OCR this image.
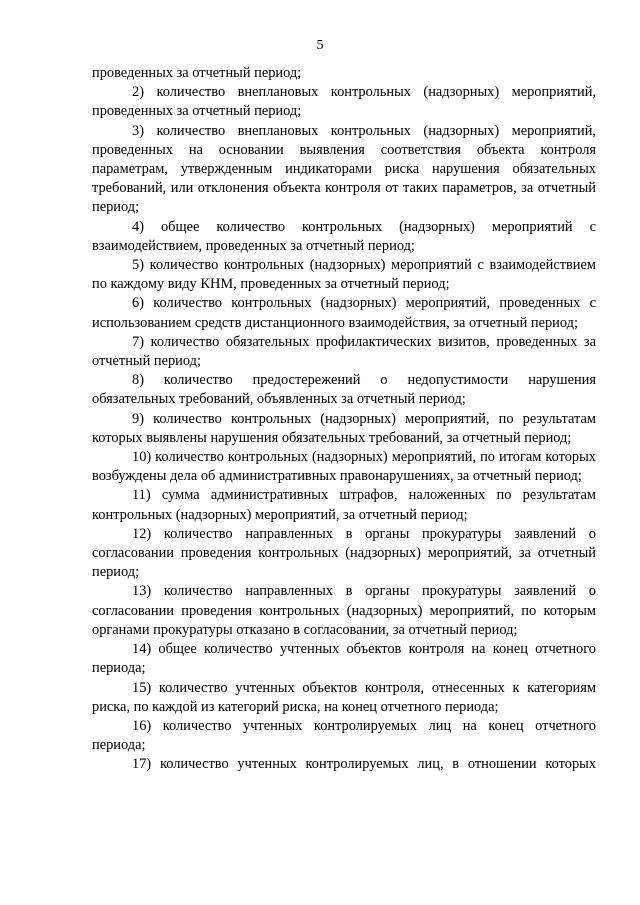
5

проведенных за отчетный период;

2) количество внеплановых контрольных (надзорных) мероприятий, проведенных за отчетный период;

3) количество внеплановых контрольных (надзорных) мероприятий, проведенных на основании выявления соответствия объекта контроля параметрам, утвержденным индикаторами риска нарушения обязательных требований, или отклонения объекта контроля от таких параметров, за отчетный период;

4) общее количество контрольных (надзорных) мероприятий с взаимодействием, проведенных за отчетный период;

5) количество контрольных (надзорных) мероприятий с взаимодействием по каждому виду КНМ, проведенных за отчетный период;

6) количество контрольных (надзорных) мероприятий, проведенных с использованием средств дистанционного взаимодействия, за отчетный период;

7) количество обязательных профилактических визитов, проведенных за отчетный период;

8) количество предостережений о недопустимости нарушения обязательных требований, объявленных за отчетный период;

9) количество контрольных (надзорных) мероприятий, по результатам которых выявлены нарушения обязательных требований, за отчетный период;

10) количество контрольных (надзорных) мероприятий, по итогам которых возбуждены дела об административных правонарушениях, за отчетный период;

11) сумма административных штрафов, наложенных по результатам контрольных (надзорных) мероприятий, за отчетный период;

12) количество направленных в органы прокуратуры заявлений о согласовании проведения контрольных (надзорных) мероприятий, за отчетный период;

13) количество направленных в органы прокуратуры заявлений о согласовании проведения контрольных (надзорных) мероприятий, по которым органами прокуратуры отказано в согласовании, за отчетный период;

14) общее количество учтенных объектов контроля на конец отчетного периода;

15) количество учтенных объектов контроля, отнесенных к категориям риска, по каждой из категорий риска, на конец отчетного периода;

16) количество учтенных контролируемых лиц на конец отчетного периода;

17) количество учтенных контролируемых лиц, в отношении которых
